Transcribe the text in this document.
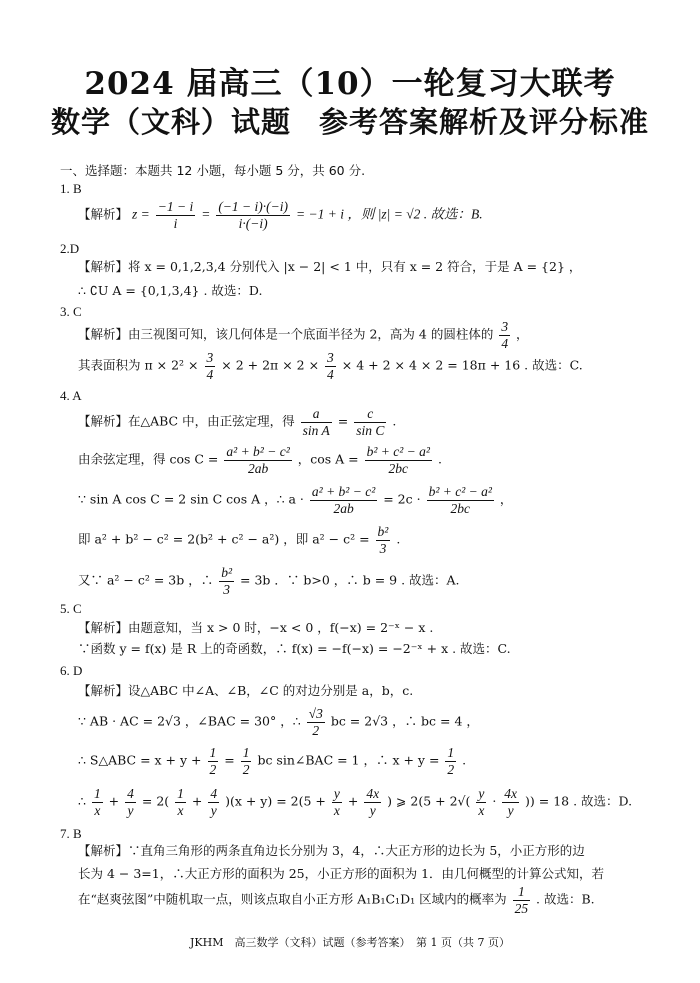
2024 届高三（10）一轮复习大联考
数学（文科）试题 参考答案解析及评分标准
一、选择题：本题共 12 小题，每小题 5 分，共 60 分.
1. B
【解析】 $z = \frac{-1 - i}{i} = \frac{(-1 - i)\cdot(-i)}{i\cdot(-i)} = -1 + i$ ，则 |z| = √2 . 故选：B.
2.D
【解析】将 x = 0,1,2,3,4 分别代入 |x − 2| < 1 中，只有 x = 2 符合，于是 A = {2} ，
∴ ∁U A = {0,1,3,4} . 故选：D.
3. C
【解析】由三视图可知，该几何体是一个底面半径为 2，高为 4 的圆柱体的 $\frac{3}{4}$ ，
其表面积为 $\pi \times 2^2 \times \frac{3}{4} \times 2 + 2\pi \times 2 \times \frac{3}{4} \times 4 + 2 \times 4 \times 2 = 18\pi + 16$ . 故选：C.
4. A
【解析】在△ABC 中，由正弦定理，得 $\frac{a}{\text{sin A}} = \frac{c}{\text{sin C}}$ .
由余弦定理，得 $\cos C = \frac{\text{a² + b² − c²}}{2ab}$ ，$\cos A = \frac{\text{b² + c² − a²}}{2bc}$ .
∵ sin A cos C = 2 sin C cos A ，∴ $a \cdot \frac{\text{a² + b² − c²}}{2ab} = 2c \cdot \frac{\text{b² + c² − a²}}{2bc}$ ，
即 a² + b² − c² = 2(b² + c² − a²) ，即 $a^2 - c^2 = \frac{\text{b²}}{3}$ .
又∵ a² − c² = 3b ，∴ $\frac{\text{b²}}{3} = 3b$ ．∵ b>0 ，∴ b = 9 . 故选：A.
5. C
【解析】由题意知，当 x > 0 时，−x < 0 ，f(−x) = 2⁻ˣ − x .
∵函数 y = f(x) 是 R 上的奇函数，∴ f(x) = −f(−x) = −2⁻ˣ + x . 故选：C.
6. D
【解析】设△ABC 中∠A、∠B，∠C 的对边分别是 a，b，c.
∵ AB · AC = 2√3 ，∠BAC = 30° ，∴ $\frac{√3}{2}$ bc = 2√3 ，∴ bc = 4 ，
∴ S△ABC = $x + y + \frac{1}{2} = \frac{1}{2}$ bc sin∠BAC = 1 ，∴ $x + y = \frac{1}{2}$ .
∴ $\frac{1}{x} + \frac{4}{y} = 2( \frac{1}{x} + \frac{4}{y} )(x + y) = 2(5 + \frac{y}{x} + \frac{4x}{y}$ ) ⩾ $2(5 + 2√( \frac{y}{x} \cdot \frac{4x}{y}$ )) = 18 . 故选：D.
7. B
【解析】∵直角三角形的两条直角边长分别为 3，4，∴大正方形的边长为 5，小正方形的边
长为 4 − 3=1，∴大正方形的面积为 25，小正方形的面积为 1．由几何概型的计算公式知，若
在“赵爽弦图”中随机取一点，则该点取自小正方形 A₁B₁C₁D₁ 区域内的概率为 $\frac{1}{25}$ . 故选：B.
JKHM　高三数学（文科）试题（参考答案）　第 1 页（共 7 页）
